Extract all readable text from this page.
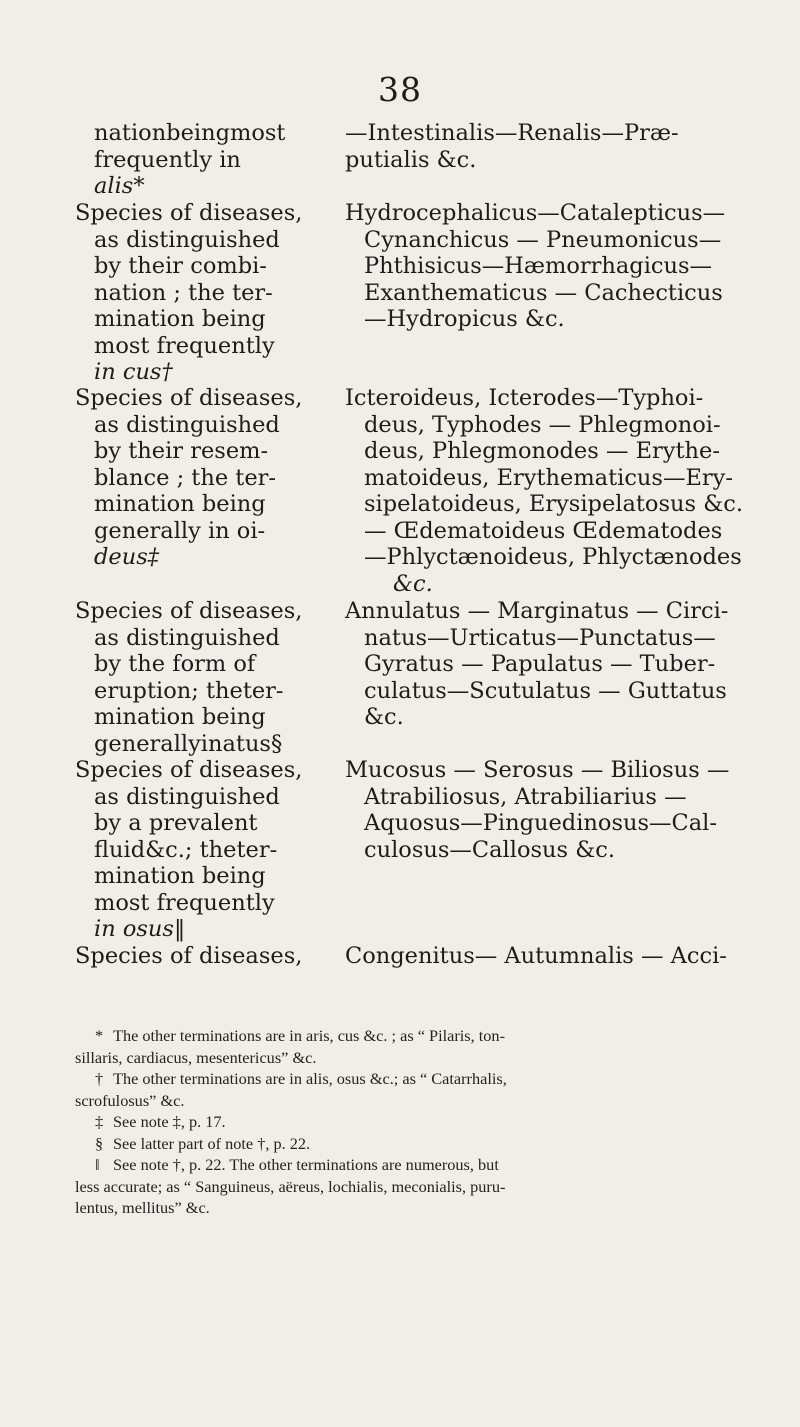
38
nationbeingmost
frequently in
alis*
—Intestinalis—Renalis—Præ-
putialis &c.
Species of diseases,
as distinguished
by their combi-
nation ; the ter-
mination being
most frequently
in cus†
Hydrocephalicus—Catalepticus—
Cynanchicus — Pneumonicus—
Phthisicus—Hæmorrhagicus—
Exanthematicus — Cachecticus
—Hydropicus &c.
Species of diseases,
as distinguished
by their resem-
blance ; the ter-
mination being
generally in oi-
deus‡
Icteroideus, Icterodes—Typhoi-
deus, Typhodes — Phlegmonoi-
deus, Phlegmonodes — Erythe-
matoideus, Erythematicus—Ery-
sipelatoideus, Erysipelatosus &c.
— Œdematoideus Œdematodes
—Phlyctænoideus, Phlyctænodes
&c.
Species of diseases,
as distinguished
by the form of
eruption; theter-
mination being
generallyinatus§
Annulatus — Marginatus — Circi-
natus—Urticatus—Punctatus—
Gyratus — Papulatus — Tuber-
culatus—Scutulatus — Guttatus
&c.
Species of diseases,
as distinguished
by a prevalent
fluid&c.; theter-
mination being
most frequently
in osus‖
Mucosus — Serosus — Biliosus —
Atrabiliosus, Atrabiliarius —
Aquosus—Pinguedinosus—Cal-
culosus—Callosus &c.
Species of diseases,	Congenitus— Autumnalis — Acci-
* The other terminations are in aris, cus &c. ; as “ Pilaris, ton-
sillaris, cardiacus, mesentericus” &c.
† The other terminations are in alis, osus &c.; as “ Catarrhalis,
scrofulosus” &c.
‡ See note ‡, p. 17.
§ See latter part of note †, p. 22.
‖ See note †, p. 22. The other terminations are numerous, but
less accurate; as “ Sanguineus, aëreus, lochialis, meconialis, puru-
lentus, mellitus” &c.
